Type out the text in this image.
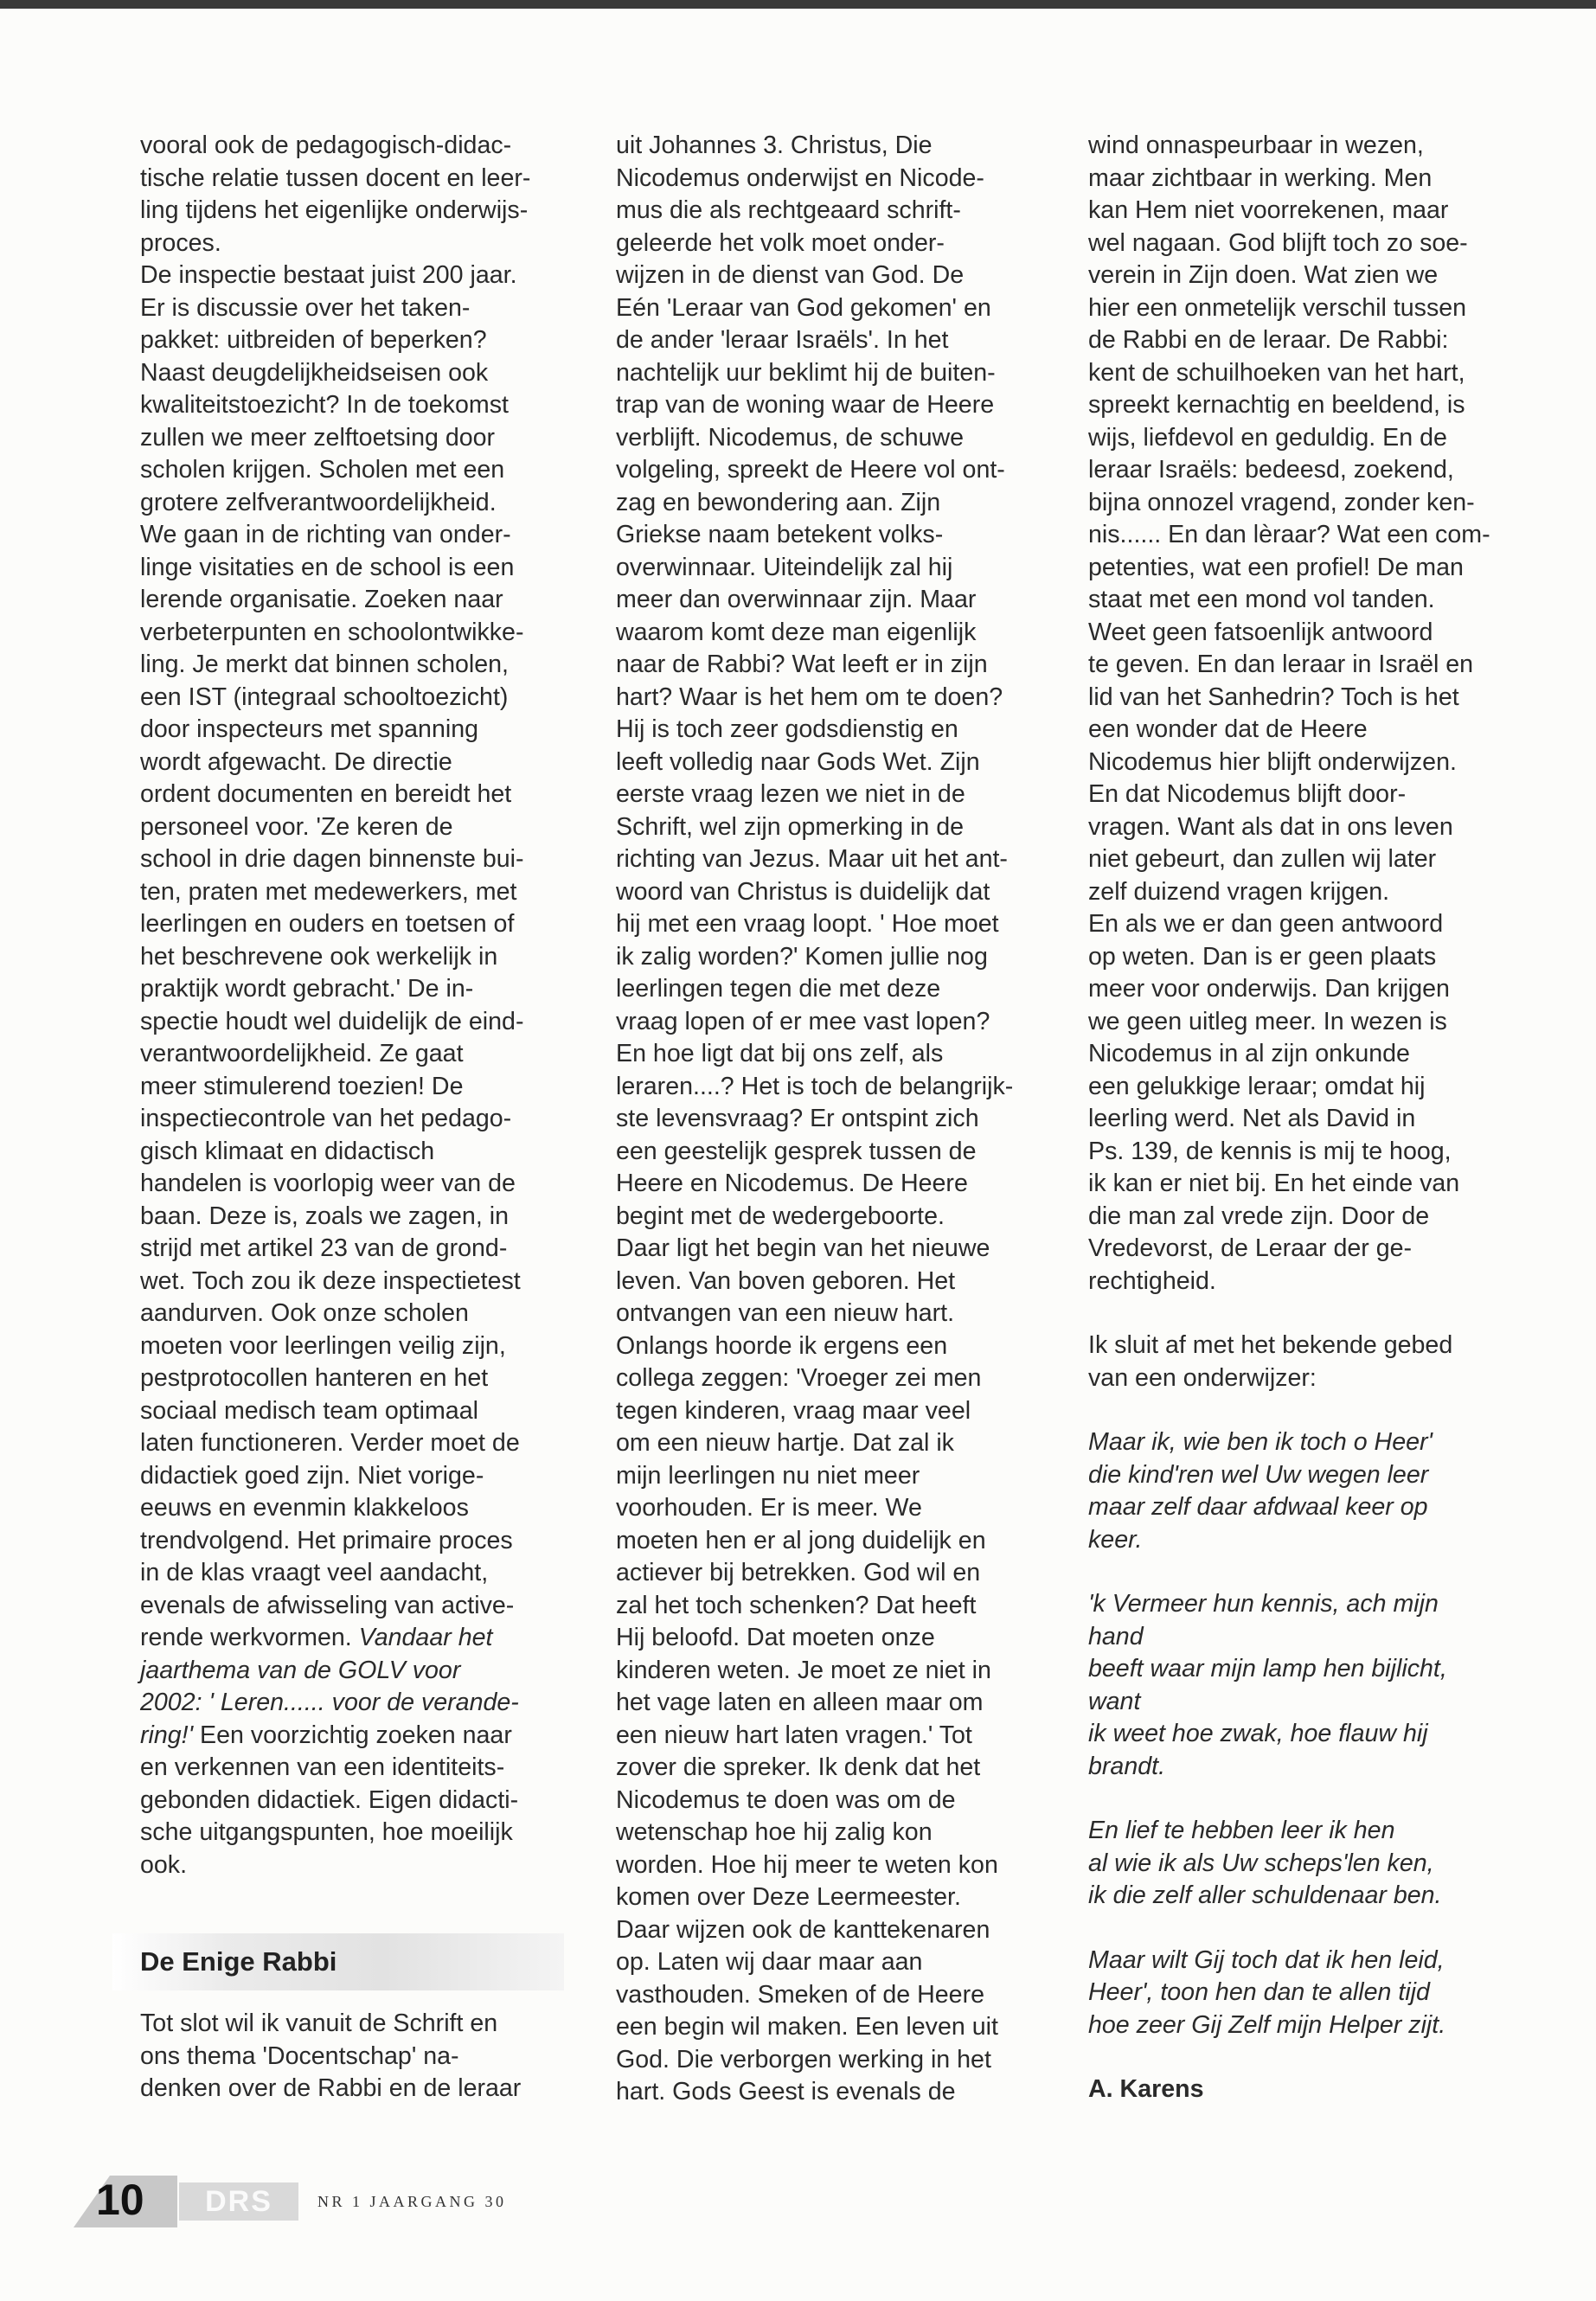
vooral ook de pedagogisch-didac-

tische relatie tussen docent en leer-

ling tijdens het eigenlijke onderwijs-

proces.

De inspectie bestaat juist 200 jaar.

Er is discussie over het taken-

pakket: uitbreiden of beperken?

Naast deugdelijkheidseisen ook

kwaliteitstoezicht? In de toekomst

zullen we meer zelftoetsing door

scholen krijgen. Scholen met een

grotere zelfverantwoordelijkheid.

We gaan in de richting van onder-

linge visitaties en de school is een

lerende organisatie. Zoeken naar

verbeterpunten en schoolontwikke-

ling. Je merkt dat binnen scholen,

een IST (integraal schooltoezicht)

door inspecteurs met spanning

wordt afgewacht. De directie

ordent documenten en bereidt het

personeel voor. 'Ze keren de

school in drie dagen binnenste bui-

ten, praten met medewerkers, met

leerlingen en ouders en toetsen of

het beschrevene ook werkelijk in

praktijk wordt gebracht.' De in-

spectie houdt wel duidelijk de eind-

verantwoordelijkheid. Ze gaat

meer stimulerend toezien! De

inspectiecontrole van het pedago-

gisch klimaat en didactisch

handelen is voorlopig weer van de

baan. Deze is, zoals we zagen, in

strijd met artikel 23 van de grond-

wet. Toch zou ik deze inspectietest

aandurven. Ook onze scholen

moeten voor leerlingen veilig zijn,

pestprotocollen hanteren en het

sociaal medisch team optimaal

laten functioneren. Verder moet de

didactiek goed zijn. Niet vorige-

eeuws en evenmin klakkeloos

trendvolgend. Het primaire proces

in de klas vraagt veel aandacht,

evenals de afwisseling van active-

rende werkvormen. Vandaar het

jaarthema van de GOLV voor

2002: ' Leren...... voor de verande-

ring!' Een voorzichtig zoeken naar

en verkennen van een identiteits-

gebonden didactiek. Eigen didacti-

sche uitgangspunten, hoe moeilijk

ook.

De Enige Rabbi

Tot slot wil ik vanuit de Schrift en

ons thema 'Docentschap' na-

denken over de Rabbi en de leraar

uit Johannes 3. Christus, Die

Nicodemus onderwijst en Nicode-

mus die als rechtgeaard schrift-

geleerde het volk moet onder-

wijzen in de dienst van God. De

Eén 'Leraar van God gekomen' en

de ander 'leraar Israëls'. In het

nachtelijk uur beklimt hij de buiten-

trap van de woning waar de Heere

verblijft. Nicodemus, de schuwe

volgeling, spreekt de Heere vol ont-

zag en bewondering aan. Zijn

Griekse naam betekent volks-

overwinnaar. Uiteindelijk zal hij

meer dan overwinnaar zijn. Maar

waarom komt deze man eigenlijk

naar de Rabbi? Wat leeft er in zijn

hart? Waar is het hem om te doen?

Hij is toch zeer godsdienstig en

leeft volledig naar Gods Wet. Zijn

eerste vraag lezen we niet in de

Schrift, wel zijn opmerking in de

richting van Jezus. Maar uit het ant-

woord van Christus is duidelijk dat

hij met een vraag loopt. ' Hoe moet

ik zalig worden?' Komen jullie nog

leerlingen tegen die met deze

vraag lopen of er mee vast lopen?

En hoe ligt dat bij ons zelf, als

leraren....? Het is toch de belangrijk-

ste levensvraag? Er ontspint zich

een geestelijk gesprek tussen de

Heere en Nicodemus. De Heere

begint met de wedergeboorte.

Daar ligt het begin van het nieuwe

leven. Van boven geboren. Het

ontvangen van een nieuw hart.

Onlangs hoorde ik ergens een

collega zeggen: 'Vroeger zei men

tegen kinderen, vraag maar veel

om een nieuw hartje. Dat zal ik

mijn leerlingen nu niet meer

voorhouden. Er is meer. We

moeten hen er al jong duidelijk en

actiever bij betrekken. God wil en

zal het toch schenken? Dat heeft

Hij beloofd. Dat moeten onze

kinderen weten. Je moet ze niet in

het vage laten en alleen maar om

een nieuw hart laten vragen.' Tot

zover die spreker. Ik denk dat het

Nicodemus te doen was om de

wetenschap hoe hij zalig kon

worden. Hoe hij meer te weten kon

komen over Deze Leermeester.

Daar wijzen ook de kanttekenaren

op. Laten wij daar maar aan

vasthouden. Smeken of de Heere

een begin wil maken. Een leven uit

God. Die verborgen werking in het

hart. Gods Geest is evenals de

wind onnaspeurbaar in wezen,

maar zichtbaar in werking. Men

kan Hem niet voorrekenen, maar

wel nagaan. God blijft toch zo soe-

verein in Zijn doen. Wat zien we

hier een onmetelijk verschil tussen

de Rabbi en de leraar. De Rabbi:

kent de schuilhoeken van het hart,

spreekt kernachtig en beeldend, is

wijs, liefdevol en geduldig. En de

leraar Israëls: bedeesd, zoekend,

bijna onnozel vragend, zonder ken-

nis...... En dan lèraar? Wat een com-

petenties, wat een profiel! De man

staat met een mond vol tanden.

Weet geen fatsoenlijk antwoord

te geven. En dan leraar in Israël en

lid van het Sanhedrin? Toch is het

een wonder dat de Heere

Nicodemus hier blijft onderwijzen.

En dat Nicodemus blijft door-

vragen. Want als dat in ons leven

niet gebeurt, dan zullen wij later

zelf duizend vragen krijgen.

En als we er dan geen antwoord

op weten. Dan is er geen plaats

meer voor onderwijs. Dan krijgen

we geen uitleg meer. In wezen is

Nicodemus in al zijn onkunde

een gelukkige leraar; omdat hij

leerling werd. Net als David in

Ps. 139, de kennis is mij te hoog,

ik kan er niet bij. En het einde van

die man zal vrede zijn. Door de

Vredevorst, de Leraar der ge-

rechtigheid.

Ik sluit af met het bekende gebed

van een onderwijzer:

Maar ik, wie ben ik toch o Heer'

die kind'ren wel Uw wegen leer

maar zelf daar afdwaal keer op

keer.

'k Vermeer hun kennis, ach mijn

hand

beeft waar mijn lamp hen bijlicht,

want

ik weet hoe zwak, hoe flauw hij

brandt.

En lief te hebben leer ik hen

al wie ik als Uw scheps'len ken,

ik die zelf aller schuldenaar ben.

Maar wilt Gij toch dat ik hen leid,

Heer', toon hen dan te allen tijd

hoe zeer Gij Zelf mijn Helper zijt.

A. Karens

10	DRS	NR 1 JAARGANG 30
